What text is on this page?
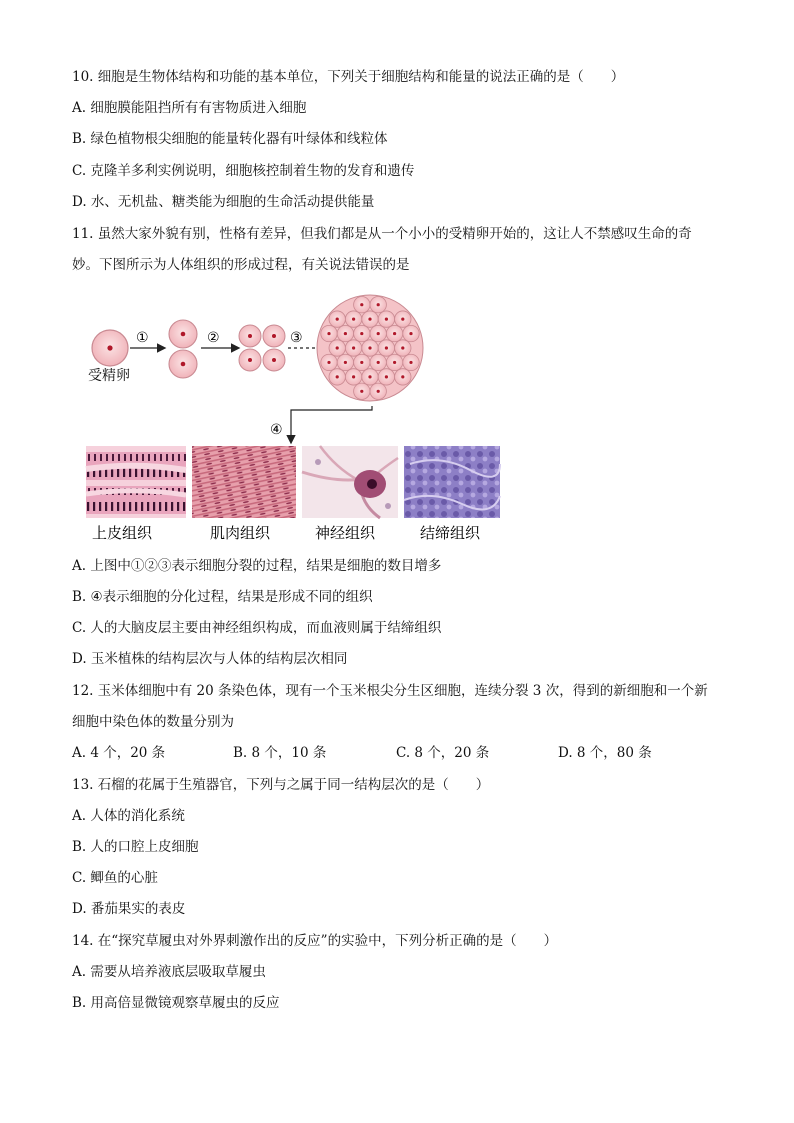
10. 细胞是生物体结构和功能的基本单位，下列关于细胞结构和能量的说法正确的是（　　）
A. 细胞膜能阻挡所有有害物质进入细胞
B. 绿色植物根尖细胞的能量转化器有叶绿体和线粒体
C. 克隆羊多利实例说明，细胞核控制着生物的发育和遗传
D. 水、无机盐、糖类能为细胞的生命活动提供能量
11. 虽然大家外貌有别，性格有差异，但我们都是从一个小小的受精卵开始的，这让人不禁感叹生命的奇
妙。下图所示为人体组织的形成过程，有关说法错误的是
受精卵
①	②	③
④
上皮组织	肌肉组织	神经组织	结缔组织
A. 上图中①②③表示细胞分裂的过程，结果是细胞的数目增多
B. ④表示细胞的分化过程，结果是形成不同的组织
C. 人的大脑皮层主要由神经组织构成，而血液则属于结缔组织
D. 玉米植株的结构层次与人体的结构层次相同
12. 玉米体细胞中有 20 条染色体，现有一个玉米根尖分生区细胞，连续分裂 3 次，得到的新细胞和一个新
细胞中染色体的数量分别为
A. 4 个，20 条	B. 8 个，10 条	C. 8 个，20 条	D. 8 个，80 条
13. 石榴的花属于生殖器官，下列与之属于同一结构层次的是（　　）
A. 人体的消化系统
B. 人的口腔上皮细胞
C. 鲫鱼的心脏
D. 番茄果实的表皮
14. 在“探究草履虫对外界刺激作出的反应”的实验中，下列分析正确的是（　　）
A. 需要从培养液底层吸取草履虫
B. 用高倍显微镜观察草履虫的反应
